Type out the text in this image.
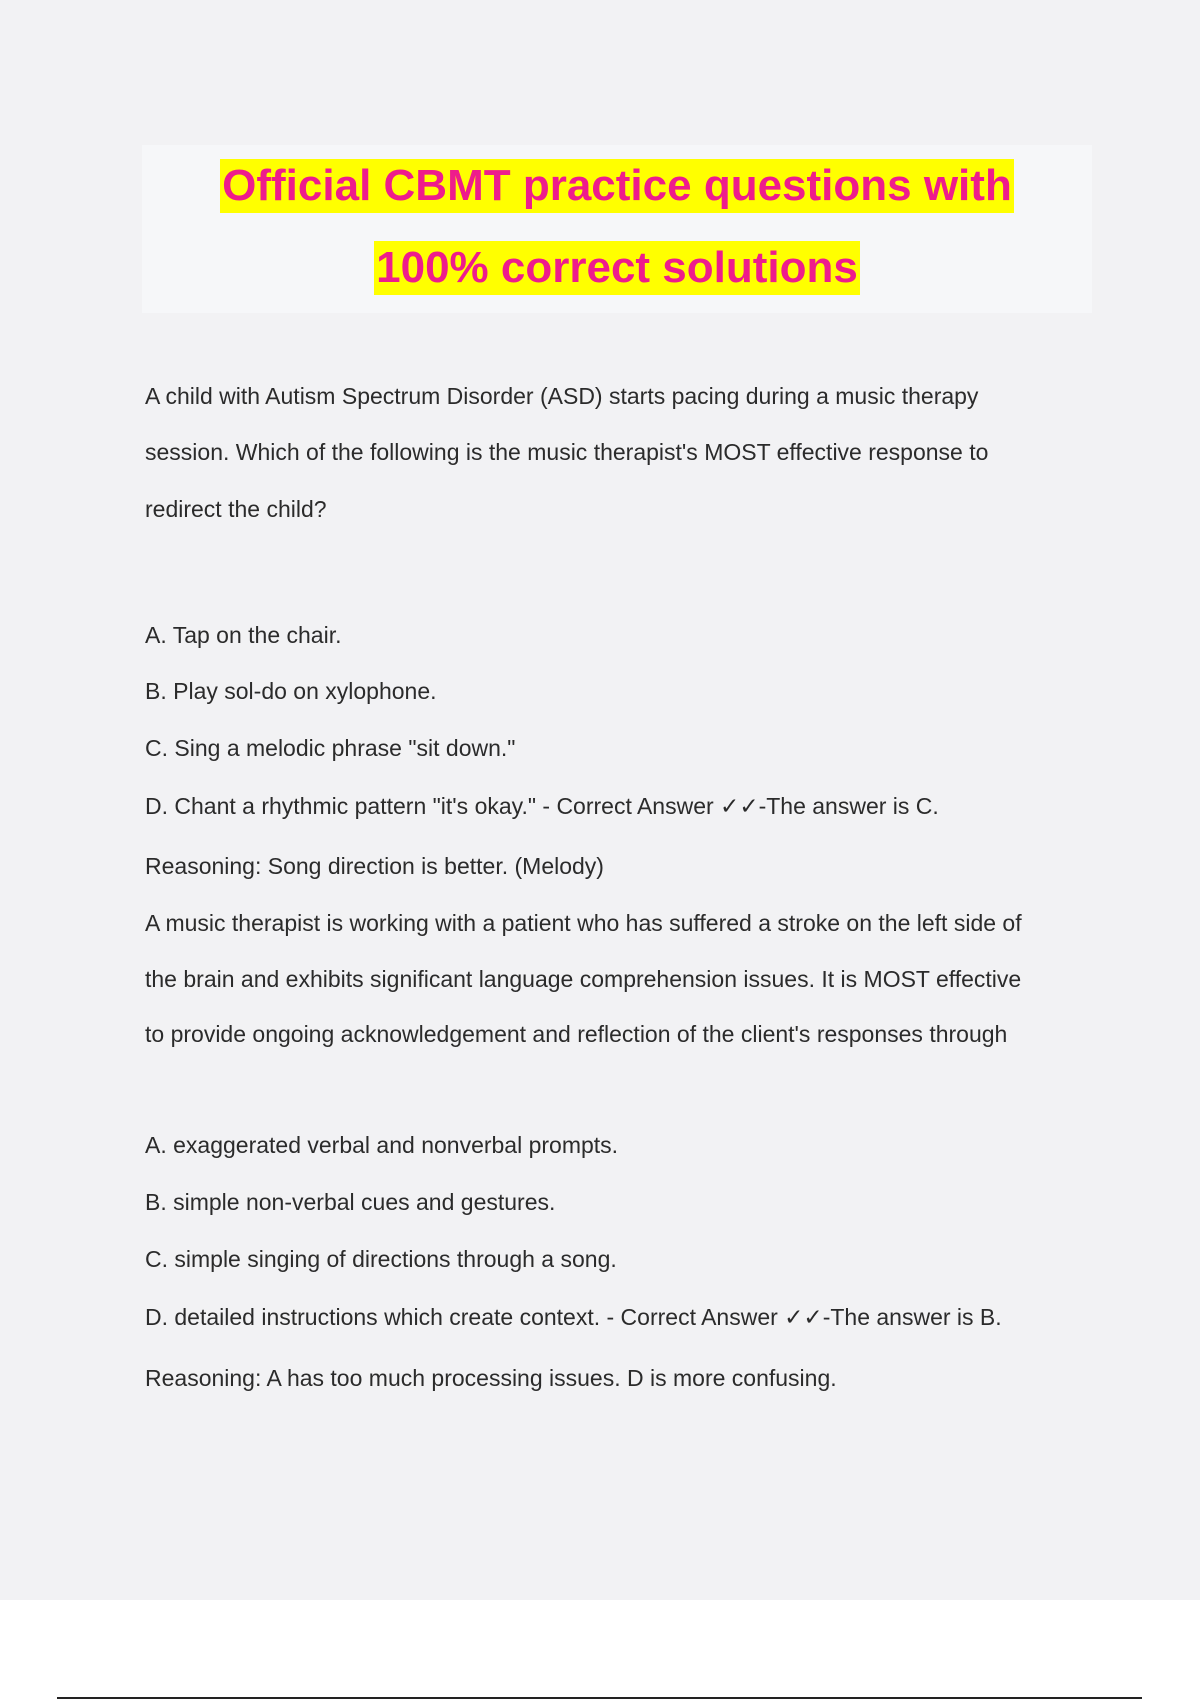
Official CBMT practice questions with
100% correct solutions
A child with Autism Spectrum Disorder (ASD) starts pacing during a music therapy
session. Which of the following is the music therapist's MOST effective response to
redirect the child?
A. Tap on the chair.
B. Play sol-do on xylophone.
C. Sing a melodic phrase "sit down."
D. Chant a rhythmic pattern "it's okay." - Correct Answer ✓✓-The answer is C.
Reasoning: Song direction is better. (Melody)
A music therapist is working with a patient who has suffered a stroke on the left side of
the brain and exhibits significant language comprehension issues. It is MOST effective
to provide ongoing acknowledgement and reflection of the client's responses through
A. exaggerated verbal and nonverbal prompts.
B. simple non-verbal cues and gestures.
C. simple singing of directions through a song.
D. detailed instructions which create context. - Correct Answer ✓✓-The answer is B.
Reasoning: A has too much processing issues. D is more confusing.
